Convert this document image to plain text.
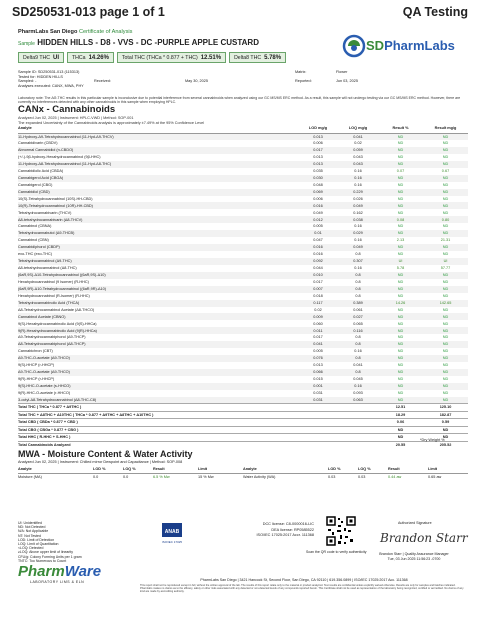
SD250531-013 page 1 of 1	QA Testing
PharmLabs San Diego Certificate of Analysis
Sample HIDDEN HILLS - D8 - VVS - DC -PURPLE APPLE CUSTARD
Delta9 THC UI	THCa 14.26%	Total THC (THCa * 0.877 + THC) 12.51%	Delta8 THC 5.78%
SDPharmLabs
Sample ID: SD250531-013 (115313)	Matrix:	Flower
Tested for: HIDDEN HILLS
Sampled: -	Received:	May 30, 2025	Reported:	Jun 03, 2025
Analyses executed: CANX, MWA, PHY
Laboratory note: The ΔΘ-THC results in this particular sample is inconclusive due to potential interference from several cannabinoids when analyzed using our GC MS/MS ERC method. As a result, this sample will not undergo testing via our GC MS/MS ERC method. However, there are currently no interferences detected with any other cannabinoids in this sample when employing HPLC.
CANx - Cannabinoids
Analyzed Jun 02, 2025 | Instrument: HPLC-VWD | Method: SOP-001
The expanded Uncertainty of the Cannabinoids analysis is approximately ±7.49% at the 95% Confidence Level
Analyte	LOD mg/g	LOQ mg/g	Result %	Result mg/g
11-Hydroxy-Δ9-Tetrahydrocannabinol (11-Hyd-Δ9-THCV)	0.013	0.041	ND	ND
Cannabidivarin (CBDV)	0.006	0.02	ND	ND
Abnormal Cannabidiol (n-CBDO)	0.017	0.059	ND	ND
(+/-)-9β-hydroxy-Hexahydrocannabinol (9β-HHC)	0.013	0.043	ND	ND
11-Hydroxy-Δ8-Tetrahydrocannabinol (11-Hyd-Δ8-THC)	0.013	0.043	ND	ND
Cannabidiolic Acid (CBDA)	0.035	0.16	0.07	0.67
Cannabigerol Acid (CBGA)	0.030	0.16	ND	ND
Cannabigerol (CBG)	0.048	0.16	ND	ND
Cannabidiol (CBD)	0.069	0.229	ND	ND
10(S)-Tetrahydrocannabinol (10S)-HH-CBD)	0.006	0.026	ND	ND
10(R)-Tetrahydrocannabinol (10R)-HH-CBD)	0.016	0.049	ND	ND
Tetrahydrocannabivarin (THCV)	0.049	0.162	ND	ND
Δ8-tetrahydrocannabivarin (Δ8-THCV)	0.012	0.038	0.08	0.80
Cannabinol (CBNA)	0.005	0.16	ND	ND
Tetrahydrocannabutol (Δ9-THCB)	0.01	0.029	ND	ND
Cannabinol (CBN)	0.047	0.16	2.13	21.31
Cannabidiphorol (CBDP)	0.016	0.049	ND	ND
exo-THC (exo-THC)	0.016	0.8	ND	ND
Tetrahydrocannabinol (Δ9-THC)	0.092	0.307	UI	UI
Δ8-tetrahydrocannabinol (Δ8-THC)	0.044	0.16	5.78	57.77
(6aR,9S)-Δ10-Tetrahydrocannabinol ((6aR,9S)-Δ10)	0.010	0.8	ND	ND
Hexahydrocannabinol (9 Isomer) (R-HHC)	0.017	0.8	ND	ND
(6aR,9R)-Δ10-Tetrahydrocannabinol ((6aR,9R)-Δ10)	0.007	0.8	ND	ND
Hexahydrocannabinol (R-Isomer) (R-HHC)	0.018	0.8	ND	ND
Tetrahydrocannabinolic Acid (THCA)	0.117	0.389	14.26	142.65
Δ8-Tetrahydrocannabinol Acetate (Δ8-THCO)	0.02	0.061	ND	ND
Cannabinol Acetate (CBNO)	0.009	0.027	ND	ND
9(S)-Hexahydrocannabinolic Acid (9(S)-HHCa)	0.060	0.065	ND	ND
9(R)-Hexahydrocannabinolic Acid (9(R)-HHCa)	0.011	0.116	ND	ND
Δ9-Tetrahydrocannabiphorol (Δ9-THCP)	0.017	0.8	ND	ND
Δ8-Tetrahydrocannabiphorol (Δ8-THCP)	0.041	0.8	ND	ND
Cannabichron (CBT)	0.005	0.16	ND	ND
Δ9-THC-O-acetate (Δ9-THCO)	0.076	0.8	ND	ND
9(S)-HHCP (r-HHCP)	0.013	0.041	ND	ND
Δ9-THC-O-acetate (Δ9-THCO)	0.066	0.8	ND	ND
9(R)-HHCP (r-HHCP)	0.015	0.045	ND	ND
9(S)-HHC-O-acetate (s-HHCO)	0.001	0.16	ND	ND
9(R)-HHC-O-acetate (r-HHCO)	0.031	0.093	ND	ND
3-octyl-Δ8-Tetrahydrocannabinol (Δ8-THC-C8)	0.031	0.063	ND	ND
Total THC ( THCa * 0.877 + Δ9THC )			12.51	125.10
Total THC + Δ8THC + Δ10THC ( THCa * 0.877 + Δ9THC + Δ8THC + Δ10THC )			18.29	182.87
Total CBD ( CBDa * 0.877 + CBD )			0.06	0.59
Total CBG ( CBGa * 0.877 + CBG )			ND	ND
Total HHC ( R-HHC + S-HHC )			ND	ND
Total Cannabinoids Analyzed			20.55	205.52
*Dry Weight %
MWA - Moisture Content & Water Activity
Analyzed Jun 02, 2025 | Instrument: Chilled mirror Dewpoint and Capacitance | Method: SOP-008
Analyte	LOD %	LOQ %	Result	Limit	Analyte	LOD %	LOQ %	Result	Limit
Moisture (MA)	0.0	0.0	6.5 % Mw	15 % Mw	Water Activity (WA)	0.03	0.03	0.44 aw	0.65 aw
UI: Unidentified
ND: Not Detected
N/A: Not Applicable
NT: Not Tested
LOD: Limit of Detection
LOQ: Limit of Quantitation
<LOQ: Detected
≥LOQ: Above upper limit of linearity
CFU/g: Colony Forming Units per 1 gram
TNTC: Too Numerous to Count
PharmWare
LABORATORY LIMS & ELN
ANAB
ISO/IEC 17025
DCC license: C8-0000016-LIC
DEA license: RP0585522
ISO/IEC 17025:2017 Accr. 111368
Scan the QR code to verify authenticity
Authorized Signature
Brandon Starr
Brandon Starr | Quality Assurance Manager
Tue, 03 Jun 2025 11:56:23 -0700
PharmLabs San Diego | 3421 Hancock St, Second Floor, San Diego, CA 92110 | 619.356.0899 | ISO/IEC 17025:2017 Acc. 111368
This report shall not be reproduced except in full, without the written approval of the lab. The results of this report relate only to the material or product analyzed. Test results are confidential unless explicitly waived otherwise. Results are only for samples and batches indicated. Pharmlabs makes no claims as to the efficacy, safety or other risks associated with any detected or non-detected levels of any compounds reported herein. This Certificate shall not be used as representation of the laboratory being recognized, certified or accredited. No claims of any kind are made by accrediting authority.
